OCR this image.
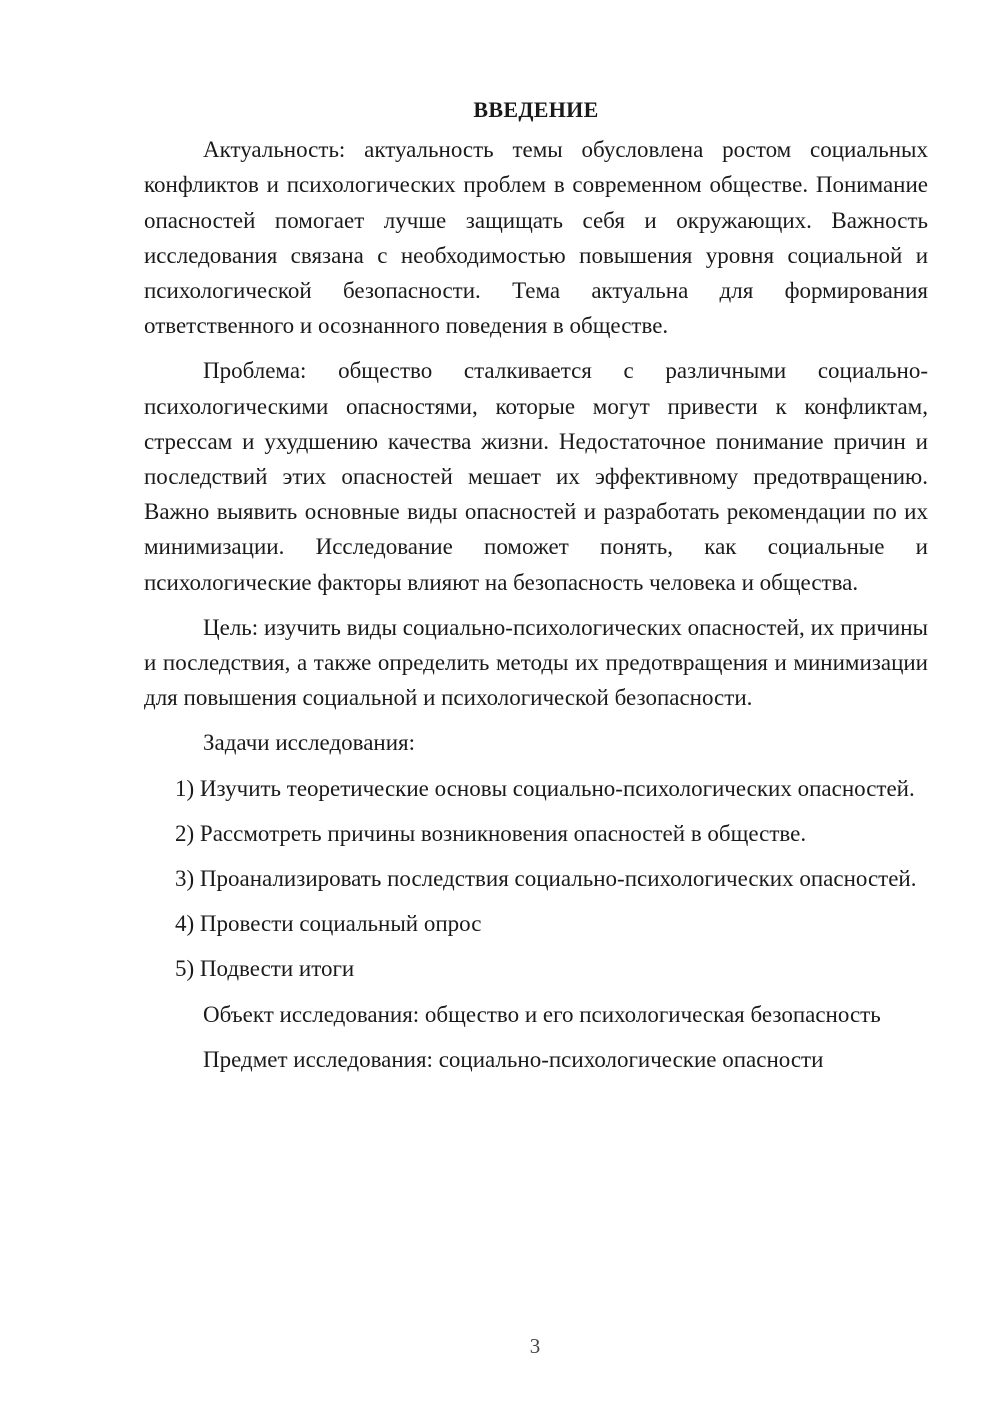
ВВЕДЕНИЕ

Актуальность: актуальность темы обусловлена ростом социальных конфликтов и психологических проблем в современном обществе. Понимание опасностей помогает лучше защищать себя и окружающих. Важность исследования связана с необходимостью повышения уровня социальной и психологической безопасности. Тема актуальна для формирования ответственного и осознанного поведения в обществе.

Проблема: общество сталкивается с различными социально-психологическими опасностями, которые могут привести к конфликтам, стрессам и ухудшению качества жизни. Недостаточное понимание причин и последствий этих опасностей мешает их эффективному предотвращению. Важно выявить основные виды опасностей и разработать рекомендации по их минимизации. Исследование поможет понять, как социальные и психологические факторы влияют на безопасность человека и общества.

Цель: изучить виды социально-психологических опасностей, их причины и последствия, а также определить методы их предотвращения и минимизации для повышения социальной и психологической безопасности.

Задачи исследования:

1) Изучить теоретические основы социально-психологических опасностей.

2) Рассмотреть причины возникновения опасностей в обществе.

3) Проанализировать последствия социально-психологических опасностей.

4) Провести социальный опрос

5) Подвести итоги

Объект исследования: общество и его психологическая безопасность

Предмет исследования: социально-психологические опасности

3
